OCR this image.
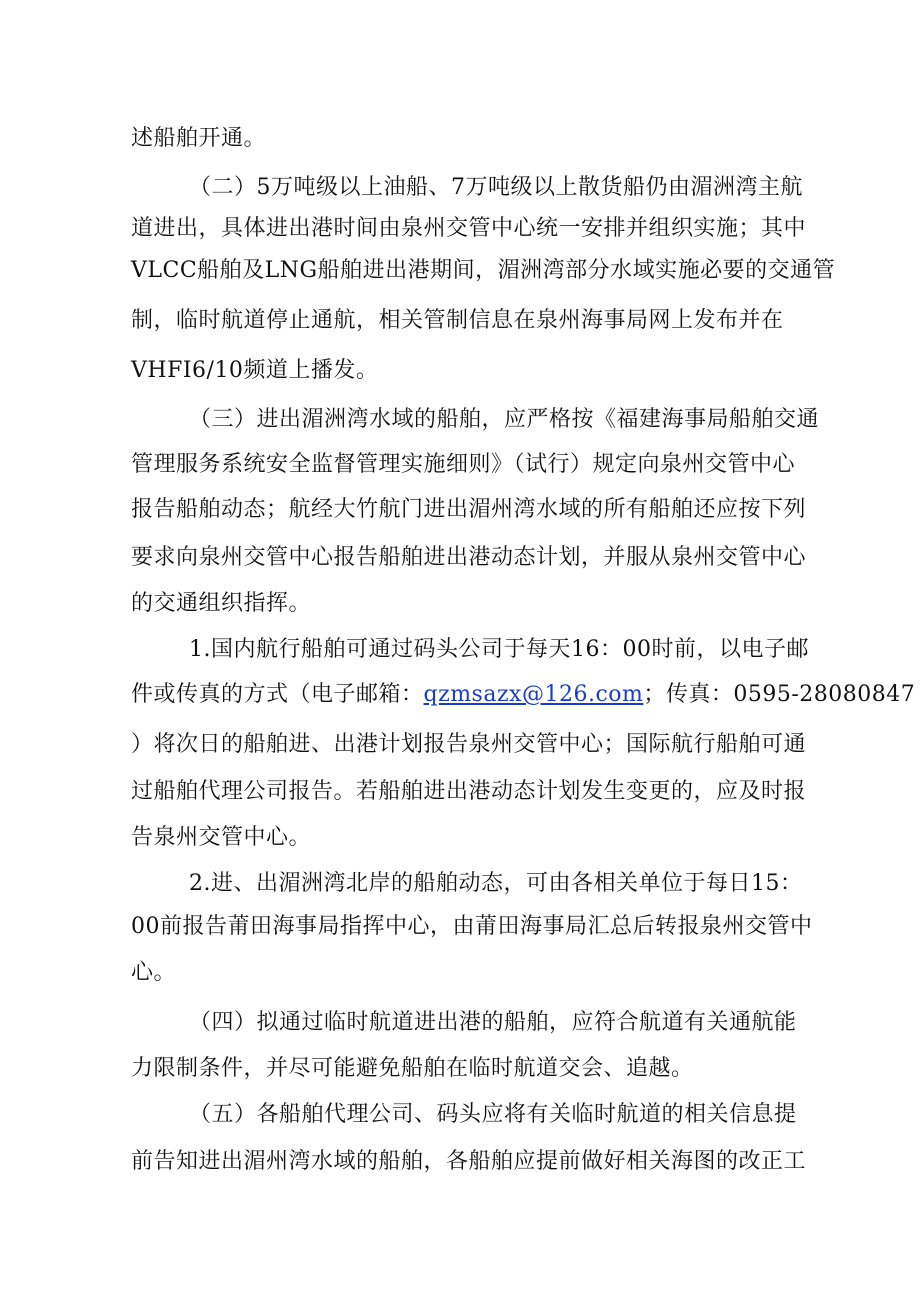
述船舶开通。
（二）5万吨级以上油船、7万吨级以上散货船仍由湄洲湾主航
道进出，具体进出港时间由泉州交管中心统一安排并组织实施；其中
VLCC船舶及LNG船舶进出港期间，湄洲湾部分水域实施必要的交通管
制，临时航道停止通航，相关管制信息在泉州海事局网上发布并在
VHFI6/10频道上播发。
（三）进出湄洲湾水域的船舶，应严格按《福建海事局船舶交通
管理服务系统安全监督管理实施细则》（试行）规定向泉州交管中心
报告船舶动态；航经大竹航门进出湄州湾水域的所有船舶还应按下列
要求向泉州交管中心报告船舶进出港动态计划，并服从泉州交管中心
的交通组织指挥。
1.国内航行船舶可通过码头公司于每天16：00时前，以电子邮
件或传真的方式（电子邮箱：qzmsazx@126.com；传真：0595-28080847
）将次日的船舶进、出港计划报告泉州交管中心；国际航行船舶可通
过船舶代理公司报告。若船舶进出港动态计划发生变更的，应及时报
告泉州交管中心。
2.进、出湄洲湾北岸的船舶动态，可由各相关单位于每日15：
00前报告莆田海事局指挥中心，由莆田海事局汇总后转报泉州交管中
心。
（四）拟通过临时航道进出港的船舶，应符合航道有关通航能
力限制条件，并尽可能避免船舶在临时航道交会、追越。
（五）各船舶代理公司、码头应将有关临时航道的相关信息提
前告知进出湄州湾水域的船舶，各船舶应提前做好相关海图的改正工
